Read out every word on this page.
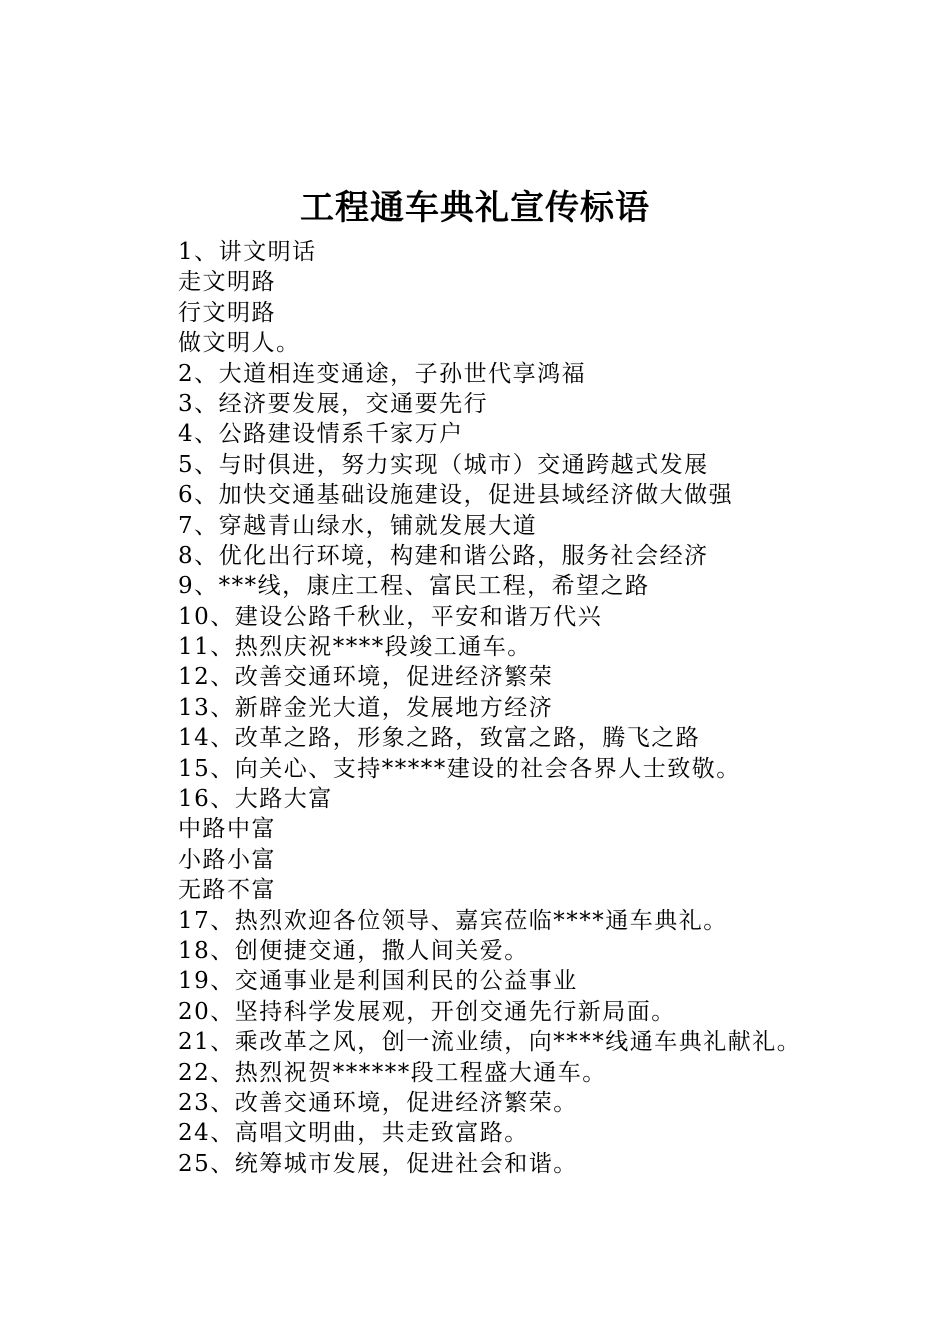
工程通车典礼宣传标语
1、讲文明话
走文明路
行文明路
做文明人。
2、大道相连变通途，子孙世代享鸿福
3、经济要发展，交通要先行
4、公路建设情系千家万户
5、与时俱进，努力实现（城市）交通跨越式发展
6、加快交通基础设施建设，促进县域经济做大做强
7、穿越青山绿水，铺就发展大道
8、优化出行环境，构建和谐公路，服务社会经济
9、***线，康庄工程、富民工程，希望之路
10、建设公路千秋业，平安和谐万代兴
11、热烈庆祝****段竣工通车。
12、改善交通环境，促进经济繁荣
13、新辟金光大道，发展地方经济
14、改革之路，形象之路，致富之路，腾飞之路
15、向关心、支持*****建设的社会各界人士致敬。
16、大路大富
中路中富
小路小富
无路不富
17、热烈欢迎各位领导、嘉宾莅临****通车典礼。
18、创便捷交通，撒人间关爱。
19、交通事业是利国利民的公益事业
20、坚持科学发展观，开创交通先行新局面。
21、乘改革之风，创一流业绩，向****线通车典礼献礼。
22、热烈祝贺******段工程盛大通车。
23、改善交通环境，促进经济繁荣。
24、高唱文明曲，共走致富路。
25、统筹城市发展，促进社会和谐。
